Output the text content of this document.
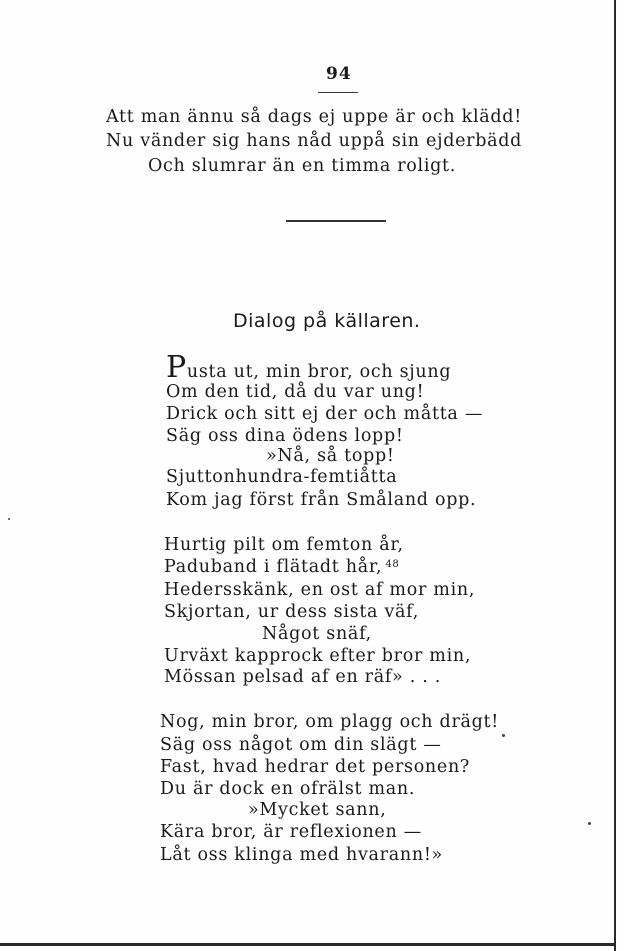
94
Att man ännu så dags ej uppe är och klädd!
Nu vänder sig hans nåd uppå sin ejderbädd
Och slumrar än en timma roligt.
Dialog på källaren.
Pusta ut, min bror, och sjung
Om den tid, då du var ung!
Drick och sitt ej der och måtta —
Säg oss dina ödens lopp!
»Nå, så topp!
Sjuttonhundra-femtiåtta
Kom jag först från Småland opp.
Hurtig pilt om femton år,
Paduband i flätadt hår, $^{48}$
Hedersskänk, en ost af mor min,
Skjortan, ur dess sista väf,
Något snäf,
Urväxt kapprock efter bror min,
Mössan pelsad af en räf» . . .
Nog, min bror, om plagg och drägt!
Säg oss något om din slägt —
Fast, hvad hedrar det personen?
Du är dock en ofrälst man.
»Mycket sann,
Kära bror, är reflexionen —
Låt oss klinga med hvarann!»
